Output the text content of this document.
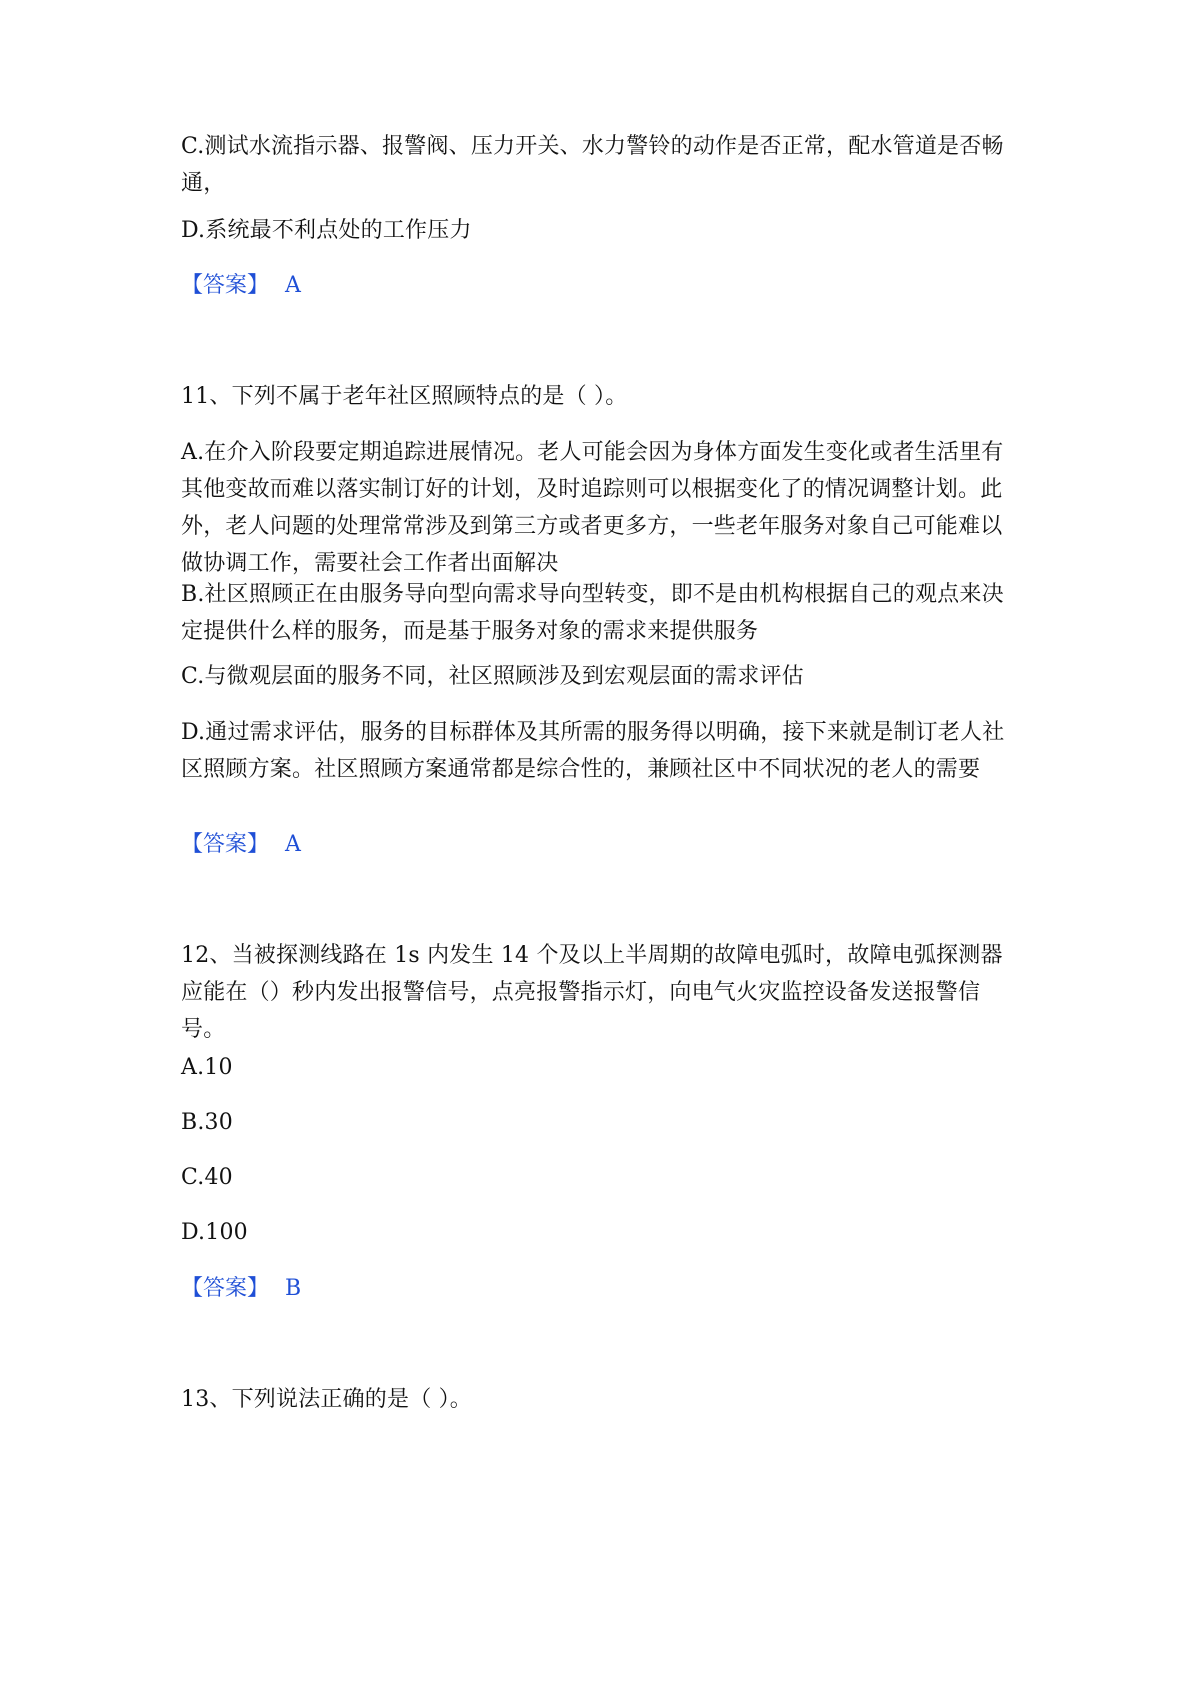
C.测试水流指示器、报警阀、压力开关、水力警铃的动作是否正常，配水管道是否畅通，
D.系统最不利点处的工作压力
【答案】 A
11、下列不属于老年社区照顾特点的是（ ）。
A.在介入阶段要定期追踪进展情况。老人可能会因为身体方面发生变化或者生活里有其他变故而难以落实制订好的计划，及时追踪则可以根据变化了的情况调整计划。此外，老人问题的处理常常涉及到第三方或者更多方，一些老年服务对象自己可能难以做协调工作，需要社会工作者出面解决
B.社区照顾正在由服务导向型向需求导向型转变，即不是由机构根据自己的观点来决定提供什么样的服务，而是基于服务对象的需求来提供服务
C.与微观层面的服务不同，社区照顾涉及到宏观层面的需求评估
D.通过需求评估，服务的目标群体及其所需的服务得以明确，接下来就是制订老人社区照顾方案。社区照顾方案通常都是综合性的，兼顾社区中不同状况的老人的需要
【答案】 A
12、当被探测线路在 1s 内发生 14 个及以上半周期的故障电弧时，故障电弧探测器应能在（）秒内发出报警信号，点亮报警指示灯，向电气火灾监控设备发送报警信号。
A.10
B.30
C.40
D.100
【答案】 B
13、下列说法正确的是（ ）。
